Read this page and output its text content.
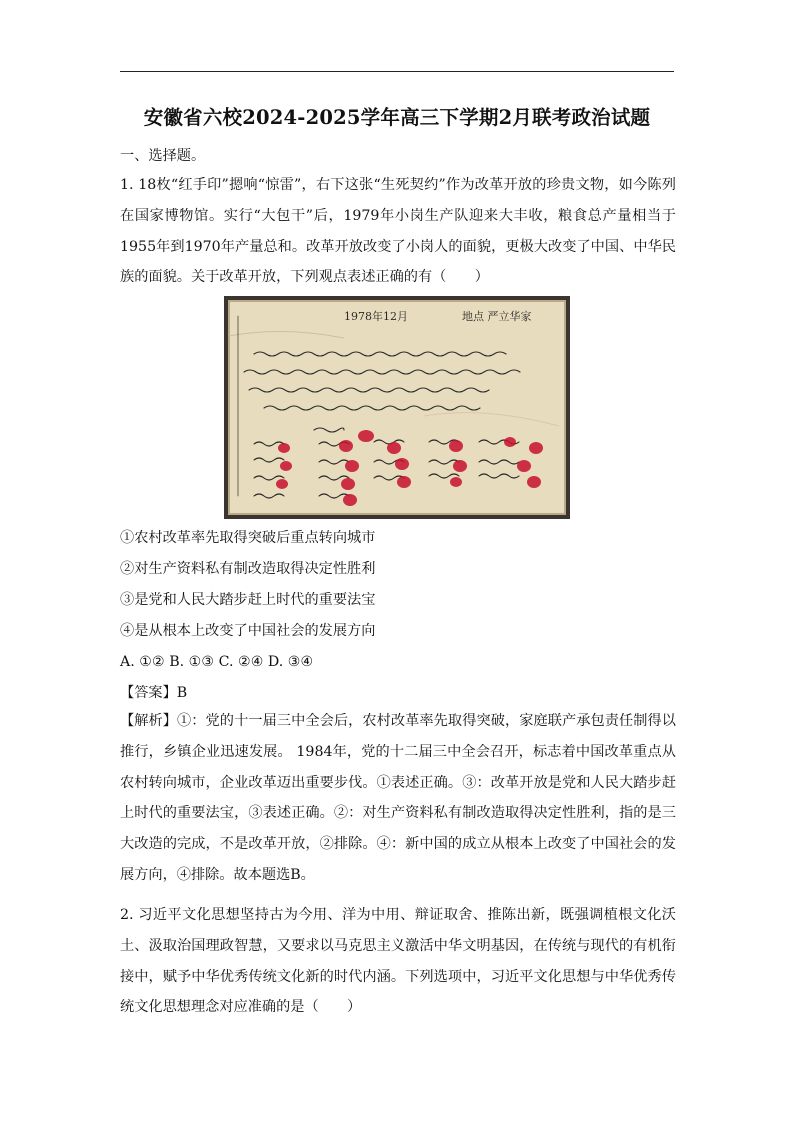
安徽省六校2024-2025学年高三下学期2月联考政治试题
一、选择题。
1. 18枚“红手印”摁响“惊雷”，右下这张“生死契约”作为改革开放的珍贵文物，如今陈列在国家博物馆。实行“大包干”后，1979年小岗生产队迎来大丰收，粮食总产量相当于1955年到1970年产量总和。改革开放改变了小岗人的面貌，更极大改变了中国、中华民族的面貌。关于改革开放，下列观点表述正确的有（　　）
1978年12月	地点 严立华家
①农村改革率先取得突破后重点转向城市
②对生产资料私有制改造取得决定性胜利
③是党和人民大踏步赶上时代的重要法宝
④是从根本上改变了中国社会的发展方向
A. ①② B. ①③ C. ②④ D. ③④
【答案】B
【解析】①：党的十一届三中全会后，农村改革率先取得突破，家庭联产承包责任制得以推行，乡镇企业迅速发展。 1984年，党的十二届三中全会召开，标志着中国改革重点从农村转向城市，企业改革迈出重要步伐。①表述正确。③：改革开放是党和人民大踏步赶上时代的重要法宝，③表述正确。②：对生产资料私有制改造取得决定性胜利，指的是三大改造的完成，不是改革开放，②排除。④：新中国的成立从根本上改变了中国社会的发展方向，④排除。故本题选B。
2. 习近平文化思想坚持古为今用、洋为中用、辩证取舍、推陈出新，既强调植根文化沃土、汲取治国理政智慧，又要求以马克思主义激活中华文明基因，在传统与现代的有机衔接中，赋予中华优秀传统文化新的时代内涵。下列选项中，习近平文化思想与中华优秀传统文化思想理念对应准确的是（　　）
